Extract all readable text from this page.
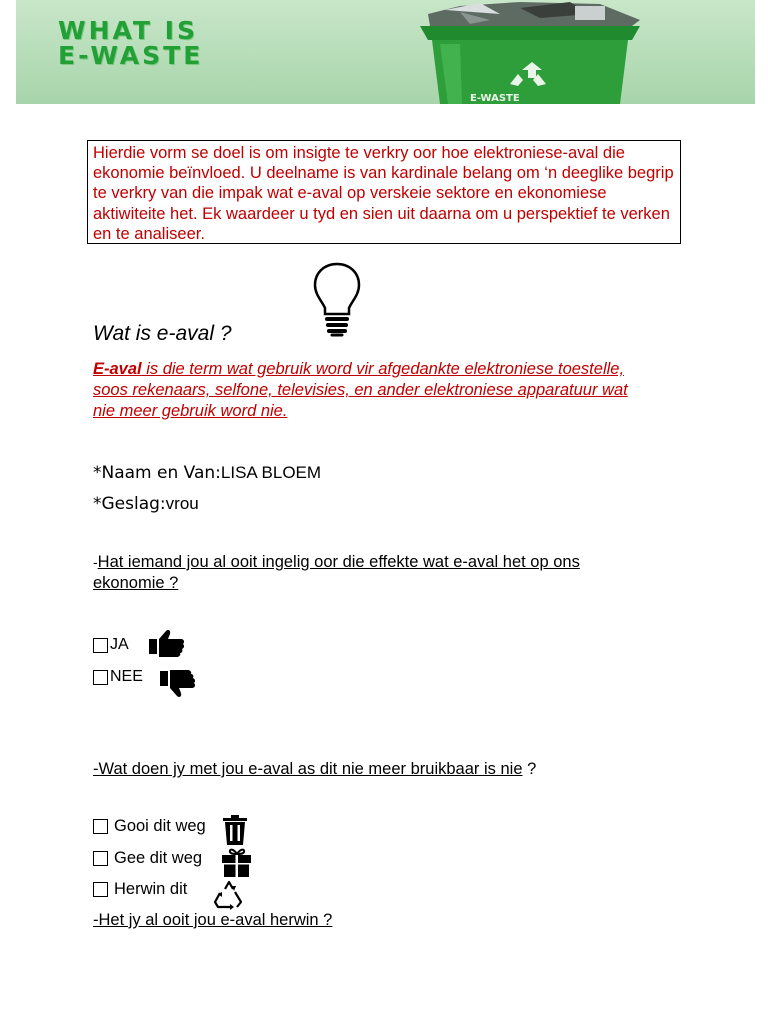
WHAT IS
E-WASTE
E-WASTE
Hierdie vorm se doel is om insigte te verkry oor hoe elektroniese-aval die ekonomie beïnvloed. U deelname is van kardinale belang om ‘n deeglike begrip te verkry van die impak wat e-aval op verskeie sektore en ekonomiese aktiwiteite het. Ek waardeer u tyd en sien uit daarna om u perspektief te verken en te analiseer.
Wat is e-aval ?
E-aval is die term wat gebruik word vir afgedankte elektroniese toestelle, soos rekenaars, selfone, televisies, en ander elektroniese apparatuur wat nie meer gebruik word nie.
*Naam en Van:LISA BLOEM
*Geslag:vrou
-Hat iemand jou al ooit ingelig oor die effekte wat e-aval het op ons ekonomie ?
JA
NEE
-Wat doen jy met jou e-aval as dit nie meer bruikbaar is nie ?
Gooi dit weg
Gee dit weg
Herwin dit
-Het jy al ooit jou e-aval herwin ?
